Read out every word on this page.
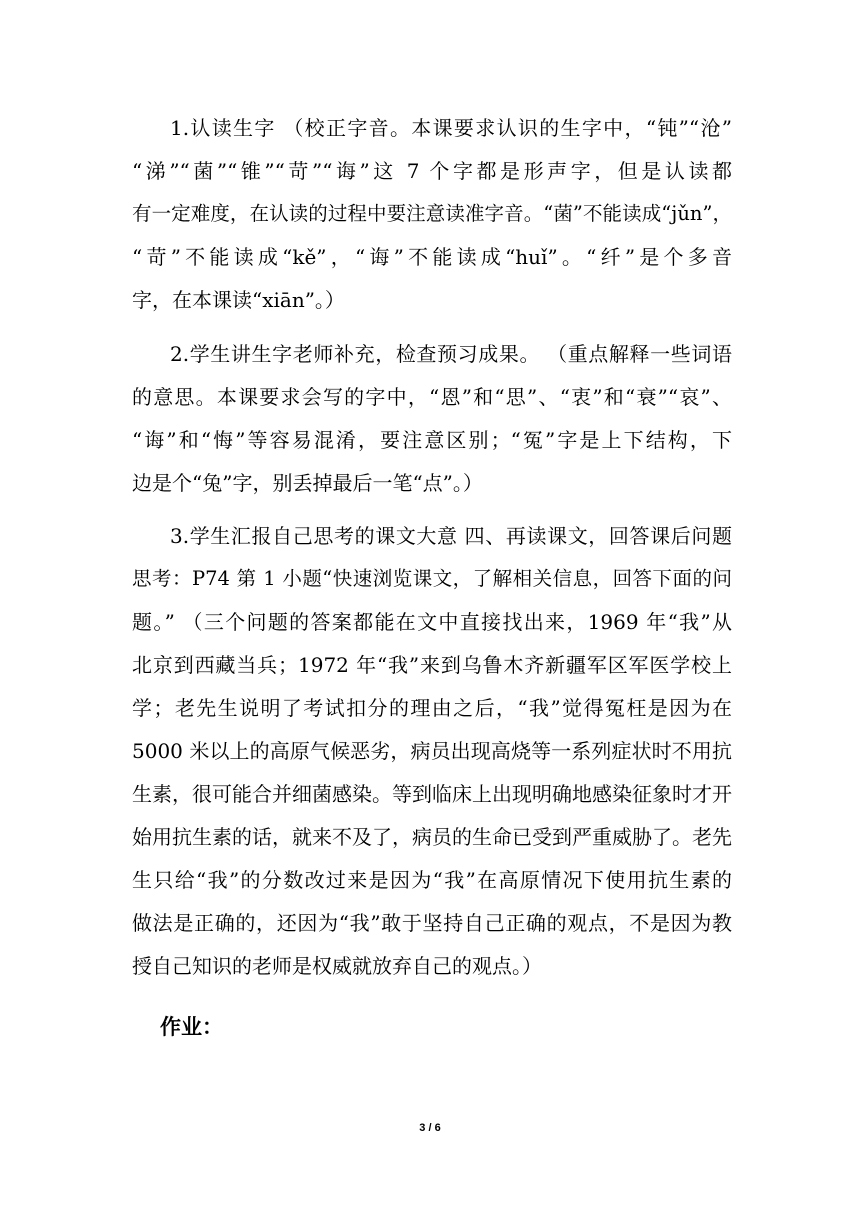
1.认读生字 （校正字音。本课要求认识的生字中，“钝”“沧”
“涕”“菌”“锥”“苛”“诲”这 7 个字都是形声字，但是认读都
有一定难度，在认读的过程中要注意读准字音。“菌”不能读成“jǔn”，
“苛”不能读成“kě”，“诲”不能读成“huǐ”。“纤”是个多音
字，在本课读“xiān”。）
2.学生讲生字老师补充，检查预习成果。 （重点解释一些词语
的意思。本课要求会写的字中，“恩”和“思”、“衷”和“衰”“哀”、
“诲”和“悔”等容易混淆，要注意区别；“冤”字是上下结构，下
边是个“兔”字，别丢掉最后一笔“点”。）
3.学生汇报自己思考的课文大意 四、再读课文，回答课后问题
思考：P74 第 1 小题“快速浏览课文，了解相关信息，回答下面的问
题。” （三个问题的答案都能在文中直接找出来，1969 年“我”从
北京到西藏当兵；1972 年“我”来到乌鲁木齐新疆军区军医学校上
学；老先生说明了考试扣分的理由之后，“我”觉得冤枉是因为在
5000 米以上的高原气候恶劣，病员出现高烧等一系列症状时不用抗
生素，很可能合并细菌感染。等到临床上出现明确地感染征象时才开
始用抗生素的话，就来不及了，病员的生命已受到严重威胁了。老先
生只给“我”的分数改过来是因为“我”在高原情况下使用抗生素的
做法是正确的，还因为“我”敢于坚持自己正确的观点，不是因为教
授自己知识的老师是权威就放弃自己的观点。）
作业：
3 / 6
